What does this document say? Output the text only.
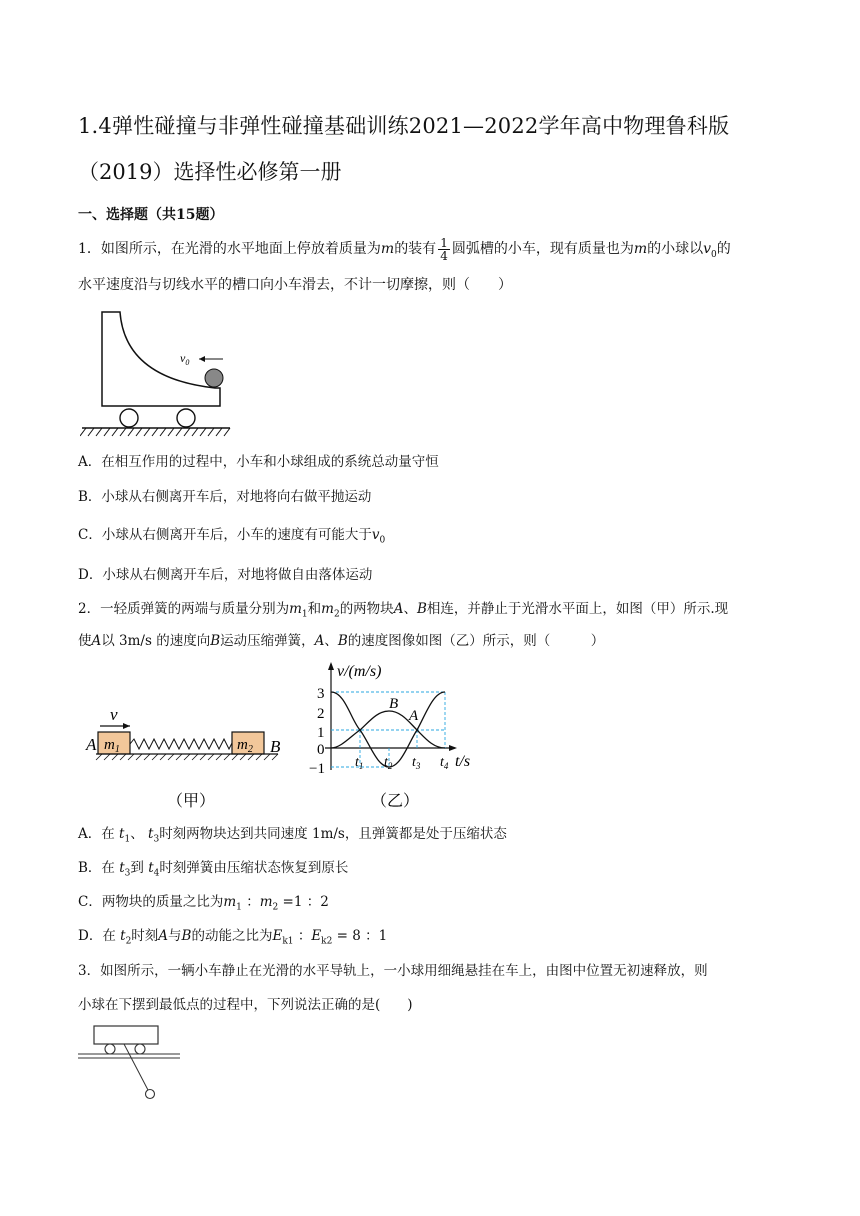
1.4弹性碰撞与非弹性碰撞基础训练2021—2022学年高中物理鲁科版
（2019）选择性必修第一册
一、选择题（共15题）
1．如图所示，在光滑的水平地面上停放着质量为m的装有 $\frac{1}{4}$ 圆弧槽的小车，现有质量也为m的小球以$v_0$的
水平速度沿与切线水平的槽口向小车滑去，不计一切摩擦，则（　　）
$v_0$
A．在相互作用的过程中，小车和小球组成的系统总动量守恒
B．小球从右侧离开车后，对地将向右做平抛运动
C．小球从右侧离开车后，小车的速度有可能大于$v_0$
D．小球从右侧离开车后，对地将做自由落体运动
2．一轻质弹簧的两端与质量分别为$m_1$和$m_2$的两物块A、B相连，并静止于光滑水平面上，如图（甲）所示.现
使A以 3m/s 的速度向B运动压缩弹簧，A、B的速度图像如图（乙）所示，则（　　　）
v
A $m_1$	$m_2$ B
（甲）
v/(m/s)
t/s
3
2
1
0
−1
B
A
$t_1$ $t_2$ $t_3$ $t_4$
（乙）
A．在 $t_1$、 $t_3$时刻两物块达到共同速度 1m/s，且弹簧都是处于压缩状态
B．在 $t_3$到 $t_4$时刻弹簧由压缩状态恢复到原长
C．两物块的质量之比为$m_1$ ：$m_2 =1$ ：2
D．在 $t_2$时刻A与B的动能之比为$E_{k1}$ ：$E_{k2} = 8$ ：1
3．如图所示，一辆小车静止在光滑的水平导轨上，一小球用细绳悬挂在车上，由图中位置无初速释放，则
小球在下摆到最低点的过程中，下列说法正确的是(　　)
